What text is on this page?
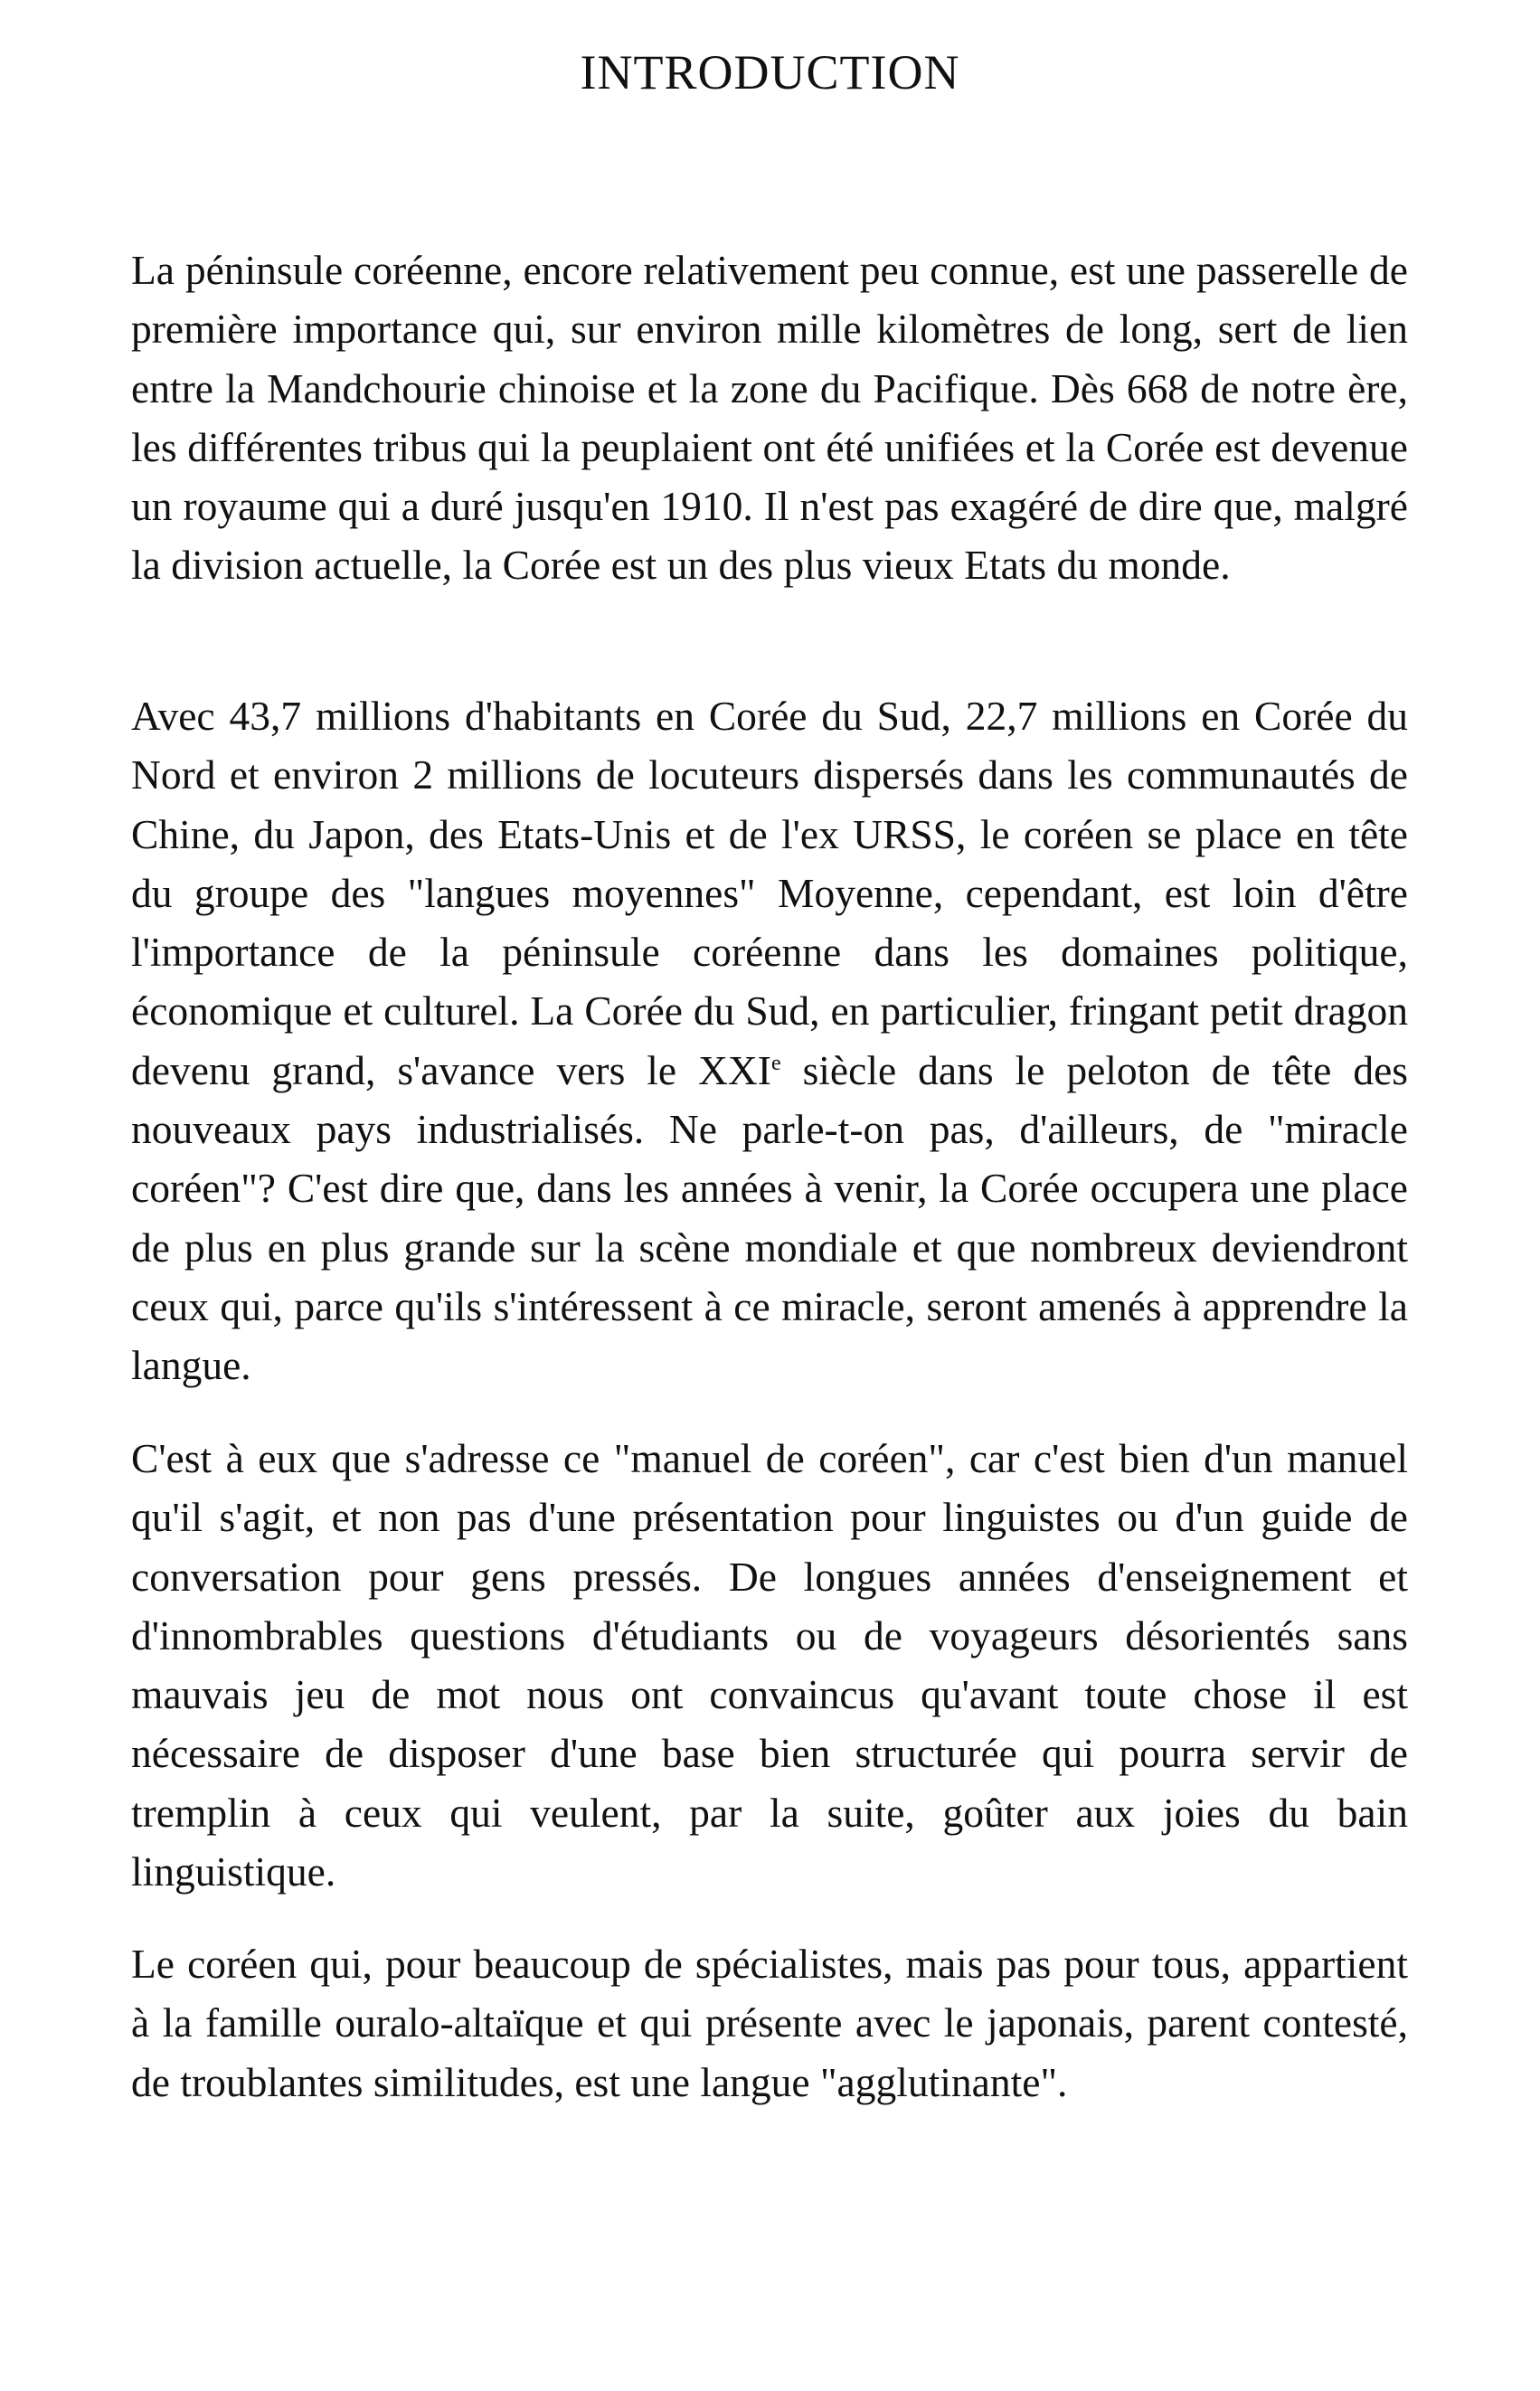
INTRODUCTION

La péninsule coréenne, encore relativement peu connue, est une passerelle de première importance qui, sur environ mille kilomètres de long, sert de lien entre la Mandchourie chinoise et la zone du Pacifique. Dès 668 de notre ère, les différentes tribus qui la peuplaient ont été unifiées et la Corée est devenue un royaume qui a duré jusqu'en 1910. Il n'est pas exagéré de dire que, malgré la division actuelle, la Corée est un des plus vieux Etats du monde.

Avec 43,7 millions d'habitants en Corée du Sud, 22,7 millions en Corée du Nord et environ 2 millions de locuteurs dispersés dans les communautés de Chine, du Japon, des Etats-Unis et de l'ex URSS, le coréen se place en tête du groupe des "langues moyennes" Moyenne, cependant, est loin d'être l'importance de la péninsule coréenne dans les domaines politique, économique et culturel. La Corée du Sud, en particulier, fringant petit dragon devenu grand, s'avance vers le XXIe siècle dans le peloton de tête des nouveaux pays industrialisés. Ne parle-t-on pas, d'ailleurs, de "miracle coréen"? C'est dire que, dans les années à venir, la Corée occupera une place de plus en plus grande sur la scène mondiale et que nombreux deviendront ceux qui, parce qu'ils s'intéressent à ce miracle, seront amenés à apprendre la langue.

C'est à eux que s'adresse ce "manuel de coréen", car c'est bien d'un manuel qu'il s'agit, et non pas d'une présentation pour linguistes ou d'un guide de conversation pour gens pressés. De longues années d'enseignement et d'innombrables questions d'étudiants ou de voyageurs désorientés sans mauvais jeu de mot nous ont convaincus qu'avant toute chose il est nécessaire de disposer d'une base bien structurée qui pourra servir de tremplin à ceux qui veulent, par la suite, goûter aux joies du bain linguistique.

Le coréen qui, pour beaucoup de spécialistes, mais pas pour tous, appartient à la famille ouralo-altaïque et qui présente avec le japonais, parent contesté, de troublantes similitudes, est une langue "agglutinante".
